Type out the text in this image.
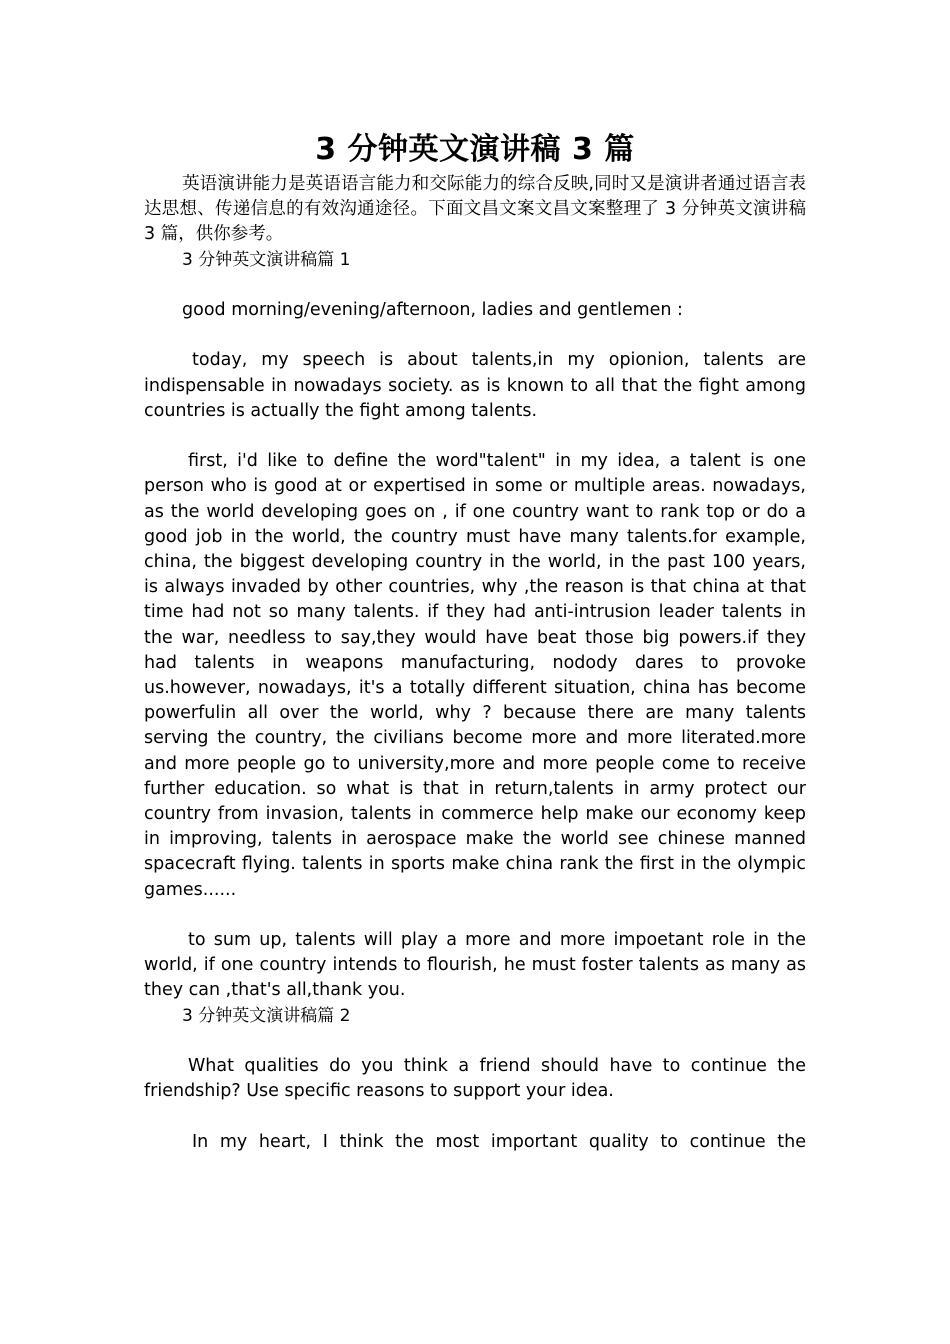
3 分钟英文演讲稿 3 篇

英语演讲能力是英语语言能力和交际能力的综合反映,同时又是演讲者通过语言表达思想、传递信息的有效沟通途径。下面文昌文案文昌文案整理了 3 分钟英文演讲稿 3 篇，供你参考。

3 分钟英文演讲稿篇 1

good morning/evening/afternoon, ladies and gentlemen :

today, my speech is about talents,in my opionion, talents are indispensable in nowadays society. as is known to all that the fight among countries is actually the fight among talents.

first, i'd like to define the word"talent" in my idea, a talent is one person who is good at or expertised in some or multiple areas. nowadays, as the world developing goes on , if one country want to rank top or do a good job in the world, the country must have many talents.for example, china, the biggest developing country in the world, in the past 100 years, is always invaded by other countries, why ,the reason is that china at that time had not so many talents. if they had anti-intrusion leader talents in the war, needless to say,they would have beat those big powers.if they had talents in weapons manufacturing, nodody dares to provoke us.however, nowadays, it's a totally different situation, china has become powerfulin all over the world, why ? because there are many talents serving the country, the civilians become more and more literated.more and more people go to university,more and more people come to receive further education. so what is that in return,talents in army protect our country from invasion, talents in commerce help make our economy keep in improving, talents in aerospace make the world see chinese manned spacecraft flying. talents in sports make china rank the first in the olympic games......

to sum up, talents will play a more and more impoetant role in the world, if one country intends to flourish, he must foster talents as many as they can ,that's all,thank you.

3 分钟英文演讲稿篇 2

What qualities do you think a friend should have to continue the friendship? Use specific reasons to support your idea.

In my heart, I think the most important quality to continue the
